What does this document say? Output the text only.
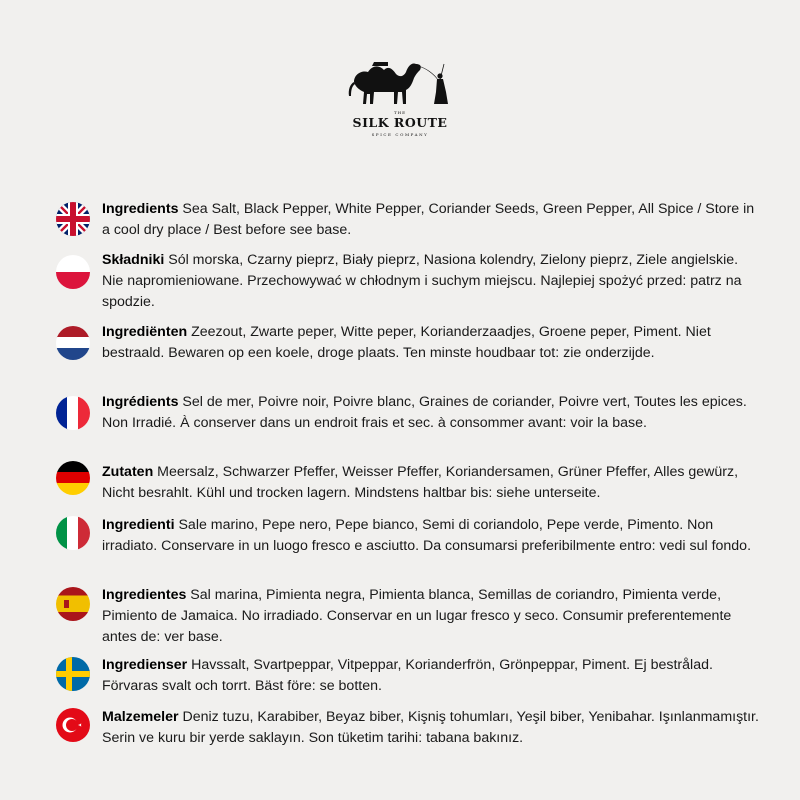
THE
SILK ROUTE
SPICE COMPANY
Ingredients Sea Salt, Black Pepper, White Pepper, Coriander Seeds, Green Pepper, All Spice / Store in a cool dry place / Best before see base.
Składniki Sól morska, Czarny pieprz, Biały pieprz, Nasiona kolendry, Zielony pieprz, Ziele angielskie. Nie napromieniowane. Przechowywać w chłodnym i suchym miejscu. Najlepiej spożyć przed: patrz na spodzie.
Ingrediënten Zeezout, Zwarte peper, Witte peper, Korianderzaadjes, Groene peper, Piment. Niet bestraald. Bewaren op een koele, droge plaats. Ten minste houdbaar tot: zie onderzijde.
Ingrédients Sel de mer, Poivre noir, Poivre blanc, Graines de coriander, Poivre vert, Toutes les epices. Non Irradié. À conserver dans un endroit frais et sec. à consommer avant: voir la base.
Zutaten Meersalz, Schwarzer Pfeffer, Weisser Pfeffer, Koriandersamen, Grüner Pfeffer, Alles gewürz, Nicht besrahlt. Kühl und trocken lagern. Mindstens haltbar bis: siehe unterseite.
Ingredienti Sale marino, Pepe nero, Pepe bianco, Semi di coriandolo, Pepe verde, Pimento. Non irradiato. Conservare in un luogo fresco e asciutto. Da consumarsi preferibilmente entro: vedi sul fondo.
Ingredientes Sal marina, Pimienta negra, Pimienta blanca, Semillas de coriandro, Pimienta verde, Pimiento de Jamaica. No irradiado. Conservar en un lugar fresco y seco. Consumir preferentemente antes de: ver base.
Ingredienser Havssalt, Svartpeppar, Vitpeppar, Korianderfrön, Grönpeppar, Piment. Ej bestrålad. Förvaras svalt och torrt. Bäst före: se botten.
Malzemeler Deniz tuzu, Karabiber, Beyaz biber, Kişniş tohumları, Yeşil biber, Yenibahar. Işınlanmamıştır. Serin ve kuru bir yerde saklayın. Son tüketim tarihi: tabana bakınız.
